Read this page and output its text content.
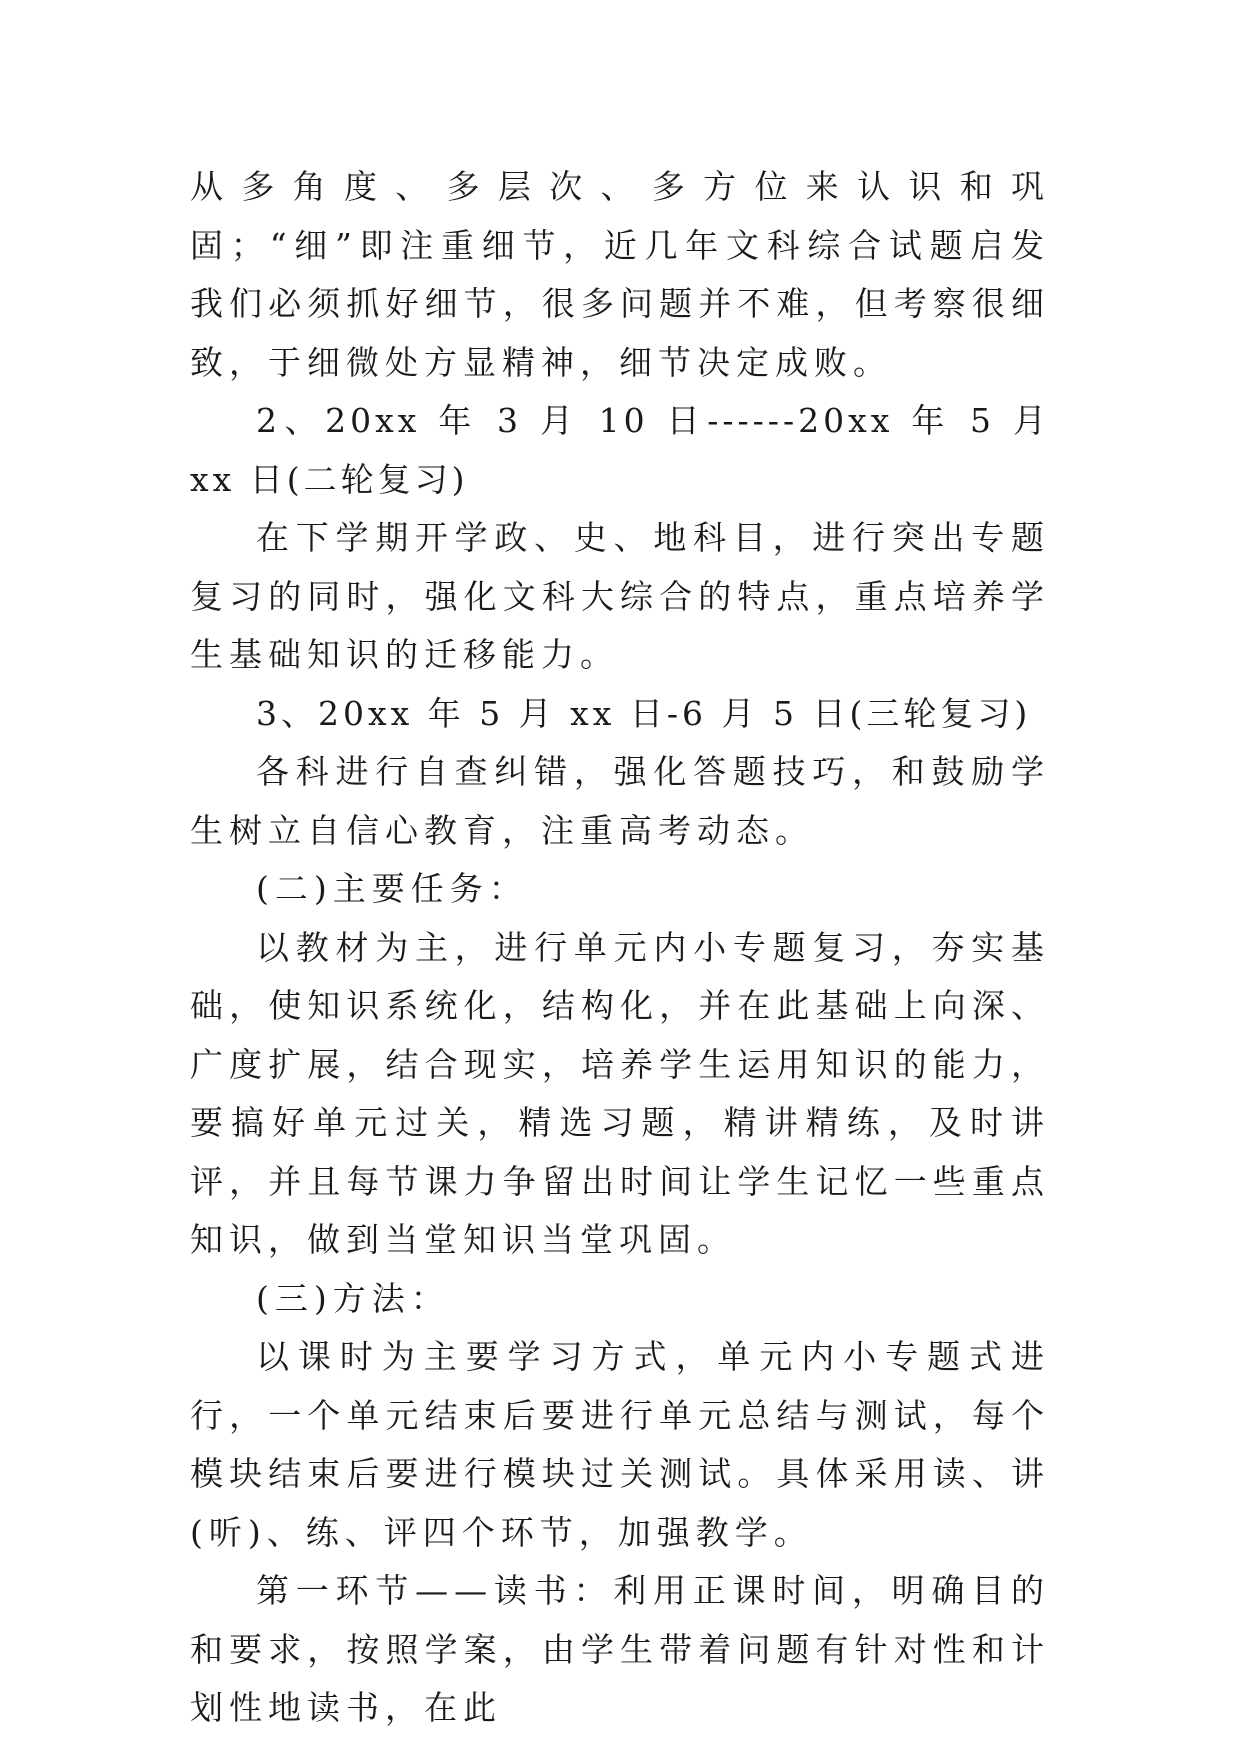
从多角度、多层次、多方位来认识和巩固；“细”即注重细节，近几年文科综合试题启发我们必须抓好细节，很多问题并不难，但考察很细致，于细微处方显精神，细节决定成败。

2、20xx 年 3 月 10 日------20xx 年 5 月 xx 日(二轮复习)

在下学期开学政、史、地科目，进行突出专题复习的同时，强化文科大综合的特点，重点培养学生基础知识的迁移能力。

3、20xx 年 5 月 xx 日-6 月 5 日(三轮复习)

各科进行自查纠错，强化答题技巧，和鼓励学生树立自信心教育，注重高考动态。

(二)主要任务：

以教材为主，进行单元内小专题复习，夯实基础，使知识系统化，结构化，并在此基础上向深、广度扩展，结合现实，培养学生运用知识的能力，要搞好单元过关，精选习题，精讲精练，及时讲评，并且每节课力争留出时间让学生记忆一些重点知识，做到当堂知识当堂巩固。

(三)方法：

以课时为主要学习方式，单元内小专题式进行，一个单元结束后要进行单元总结与测试，每个模块结束后要进行模块过关测试。具体采用读、讲(听)、练、评四个环节，加强教学。

第一环节——读书：利用正课时间，明确目的和要求，按照学案，由学生带着问题有针对性和计划性地读书，在此
